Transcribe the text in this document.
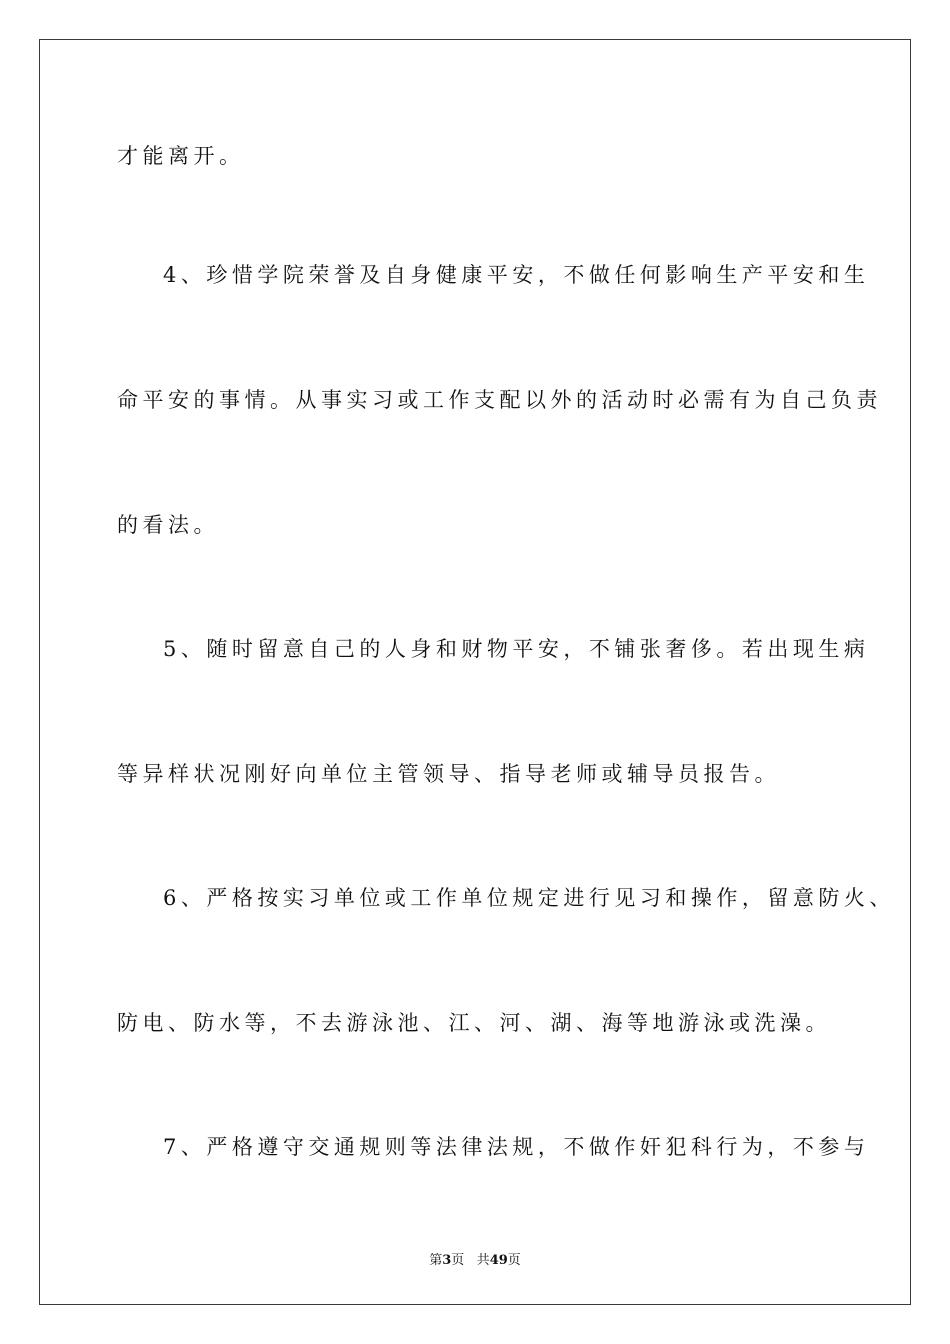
才能离开。

4、珍惜学院荣誉及自身健康平安，不做任何影响生产平安和生

命平安的事情。从事实习或工作支配以外的活动时必需有为自己负责

的看法。

5、随时留意自己的人身和财物平安，不铺张奢侈。若出现生病

等异样状况刚好向单位主管领导、指导老师或辅导员报告。

6、严格按实习单位或工作单位规定进行见习和操作，留意防火、

防电、防水等，不去游泳池、江、河、湖、海等地游泳或洗澡。

7、严格遵守交通规则等法律法规，不做作奸犯科行为，不参与

第3页 共49页
